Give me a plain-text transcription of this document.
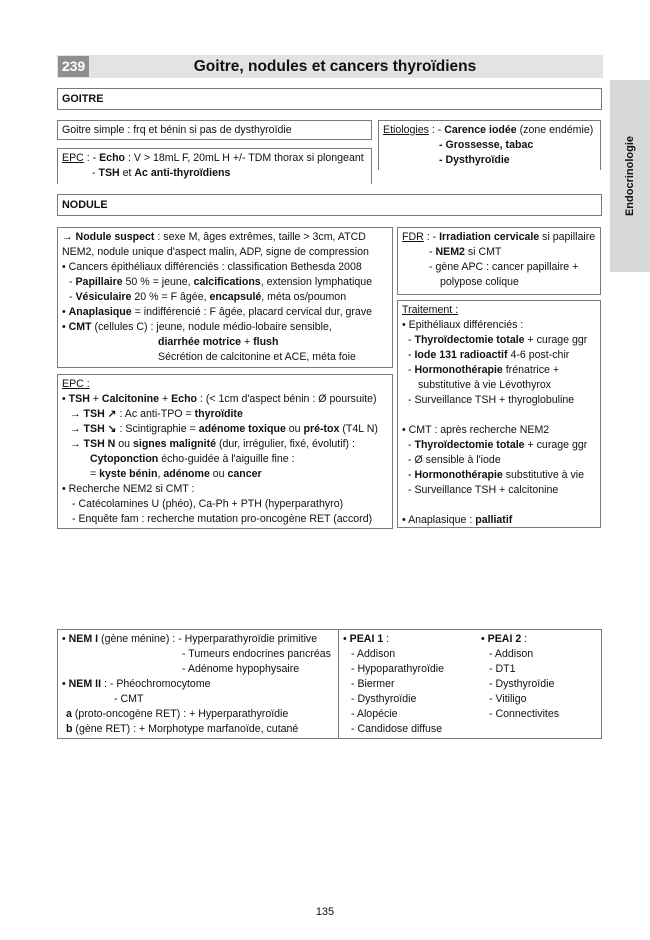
239	Goitre, nodules et cancers thyroïdiens
Endocrinologie
GOITRE
Goitre simple : frq et bénin si pas de dysthyroïdie
EPC : - Echo : V > 18mL F, 20mL H +/- TDM thorax si plongeant
- TSH et Ac anti-thyroïdiens
Etiologies : - Carence iodée (zone endémie)
- Grossesse, tabac
- Dysthyroïdie
NODULE
→ Nodule suspect : sexe M, âges extrêmes, taille > 3cm, ATCD
NEM2, nodule unique d'aspect malin, ADP, signe de compression
• Cancers épithéliaux différenciés : classification Bethesda 2008
- Papillaire 50 % = jeune, calcifications, extension lymphatique
- Vésiculaire 20 % = F âgée, encapsulé, méta os/poumon
• Anaplasique = indifférencié : F âgée, placard cervical dur, grave
• CMT (cellules C) : jeune, nodule médio-lobaire sensible,
diarrhée motrice + flush
Sécrétion de calcitonine et ACE, méta foie
FDR : - Irradiation cervicale si papillaire
- NEM2 si CMT
- gène APC : cancer papillaire +
polypose colique
Traitement :
• Epithéliaux différenciés :
- Thyroïdectomie totale + curage ggr
- Iode 131 radioactif 4-6 post-chir
- Hormonothérapie frénatrice +
substitutive à vie Lévothyrox
- Surveillance TSH + thyroglobuline

• CMT : après recherche NEM2
- Thyroïdectomie totale + curage ggr
- Ø sensible à l'iode
- Hormonothérapie substitutive à vie
- Surveillance TSH + calcitonine

• Anaplasique : palliatif
EPC :
• TSH + Calcitonine + Echo : (< 1cm d'aspect bénin : Ø poursuite)
→ TSH ↗ : Ac anti-TPO = thyroïdite
→ TSH ↘ : Scintigraphie = adénome toxique ou pré-tox (T4L N)
→ TSH N ou signes malignité (dur, irrégulier, fixé, évolutif) :
Cytoponction écho-guidée à l'aiguille fine :
= kyste bénin, adénome ou cancer
• Recherche NEM2 si CMT :
- Catécolamines U (phéo), Ca-Ph + PTH (hyperparathyro)
- Enquête fam : recherche mutation pro-oncogène RET (accord)
• NEM I (gène ménine) : - Hyperparathyroïdie primitive
- Tumeurs endocrines pancréas
- Adénome hypophysaire
• NEM II : - Phéochromocytome
- CMT
a (proto-oncogène RET) : + Hyperparathyroïdie
b (gène RET) : + Morphotype marfanoïde, cutané
• PEAI 1 :
- Addison
- Hypoparathyroïdie
- Biermer
- Dysthyroïdie
- Alopécie
- Candidose diffuse
• PEAI 2 :
- Addison
- DT1
- Dysthyroïdie
- Vitiligo
- Connectivites
135
